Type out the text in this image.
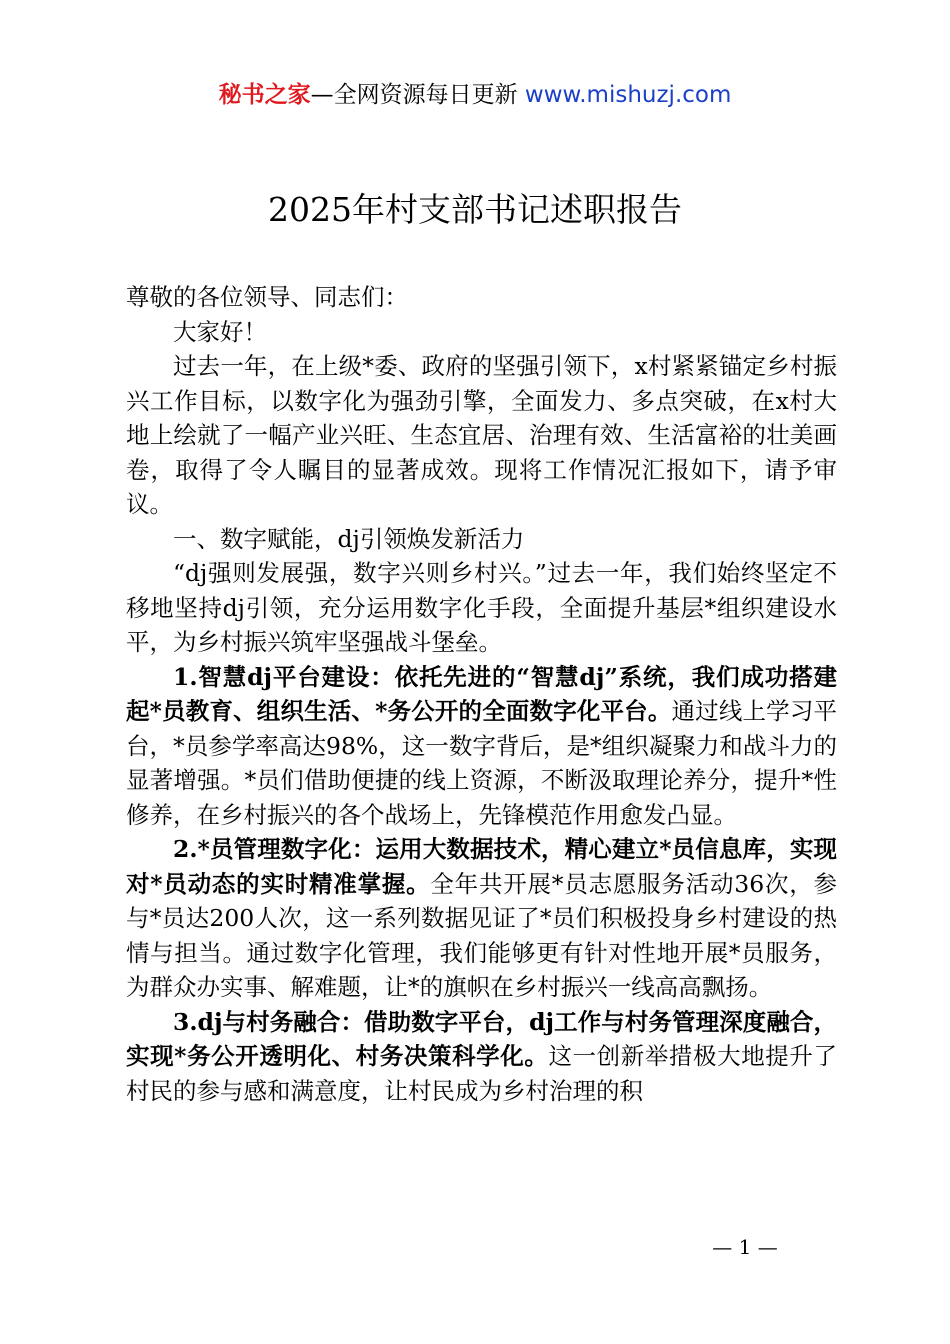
秘书之家—全网资源每日更新 www.mishuzj.com
2025年村支部书记述职报告

尊敬的各位领导、同志们：

大家好！

过去一年，在上级*委、政府的坚强引领下，x村紧紧锚定乡村振兴工作目标，以数字化为强劲引擎，全面发力、多点突破，在x村大地上绘就了一幅产业兴旺、生态宜居、治理有效、生活富裕的壮美画卷，取得了令人瞩目的显著成效。现将工作情况汇报如下，请予审议。

一、数字赋能，dj引领焕发新活力

“dj强则发展强，数字兴则乡村兴。”过去一年，我们始终坚定不移地坚持dj引领，充分运用数字化手段，全面提升基层*组织建设水平，为乡村振兴筑牢坚强战斗堡垒。

1.智慧dj平台建设：依托先进的“智慧dj”系统，我们成功搭建起*员教育、组织生活、*务公开的全面数字化平台。通过线上学习平台，*员参学率高达98%，这一数字背后，是*组织凝聚力和战斗力的显著增强。*员们借助便捷的线上资源，不断汲取理论养分，提升*性修养，在乡村振兴的各个战场上，先锋模范作用愈发凸显。

2.*员管理数字化：运用大数据技术，精心建立*员信息库，实现对*员动态的实时精准掌握。全年共开展*员志愿服务活动36次，参与*员达200人次，这一系列数据见证了*员们积极投身乡村建设的热情与担当。通过数字化管理，我们能够更有针对性地开展*员服务，为群众办实事、解难题，让*的旗帜在乡村振兴一线高高飘扬。

3.dj与村务融合：借助数字平台，dj工作与村务管理深度融合，实现*务公开透明化、村务决策科学化。这一创新举措极大地提升了村民的参与感和满意度，让村民成为乡村治理的积

— 1 —
